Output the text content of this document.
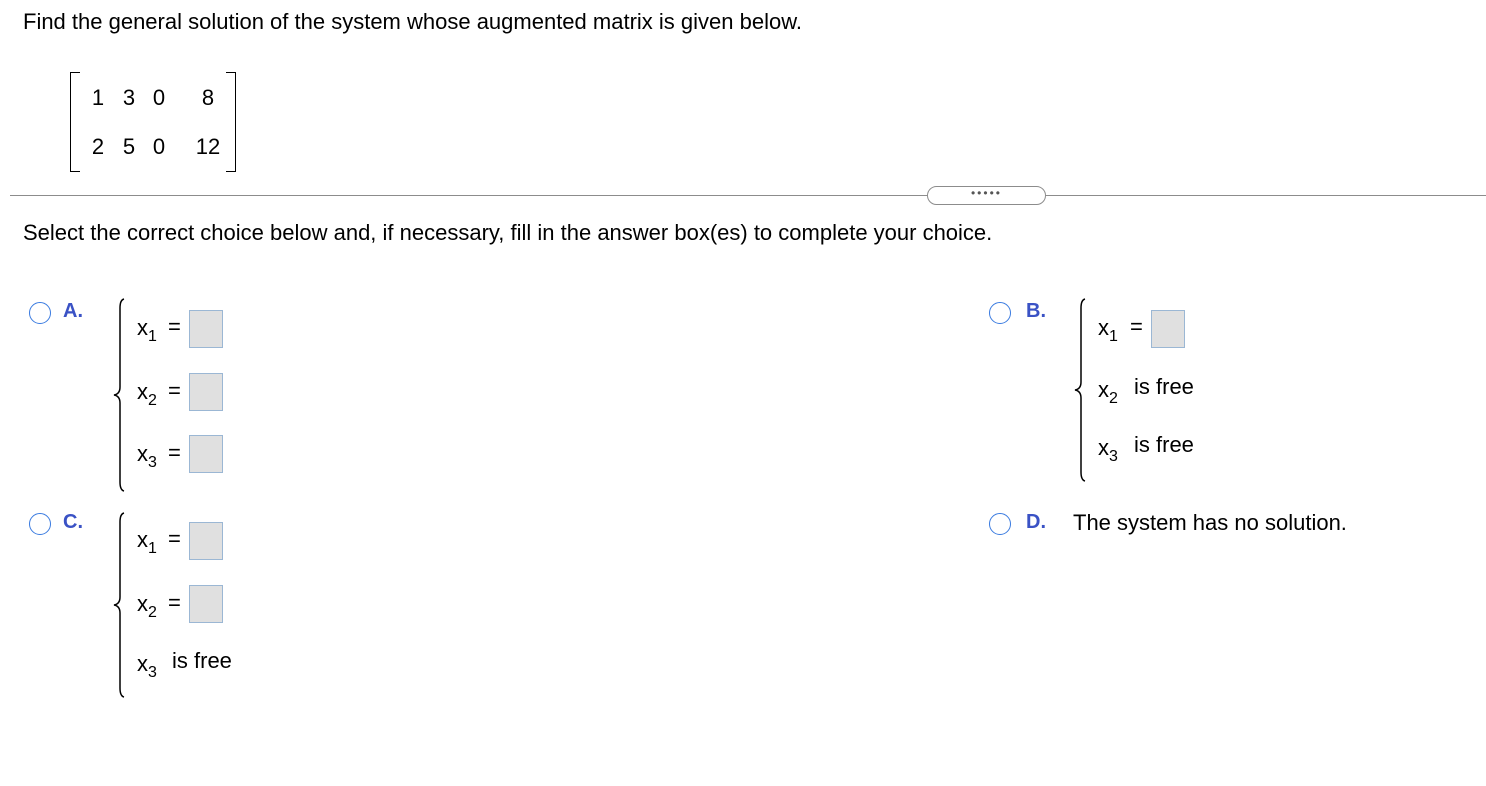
Find the general solution of the system whose augmented matrix is given below.
1 3 0	8
2 5 0	12
•••••

Select the correct choice below and, if necessary, fill in the answer box(es) to complete your choice.

A.
$x_1$ =
$x_2$ =
$x_3$ =
B.
$x_1$ =
$x_2$ is free
$x_3$ is free
C.
$x_1$ =
$x_2$ =
$x_3$ is free
D. The system has no solution.
